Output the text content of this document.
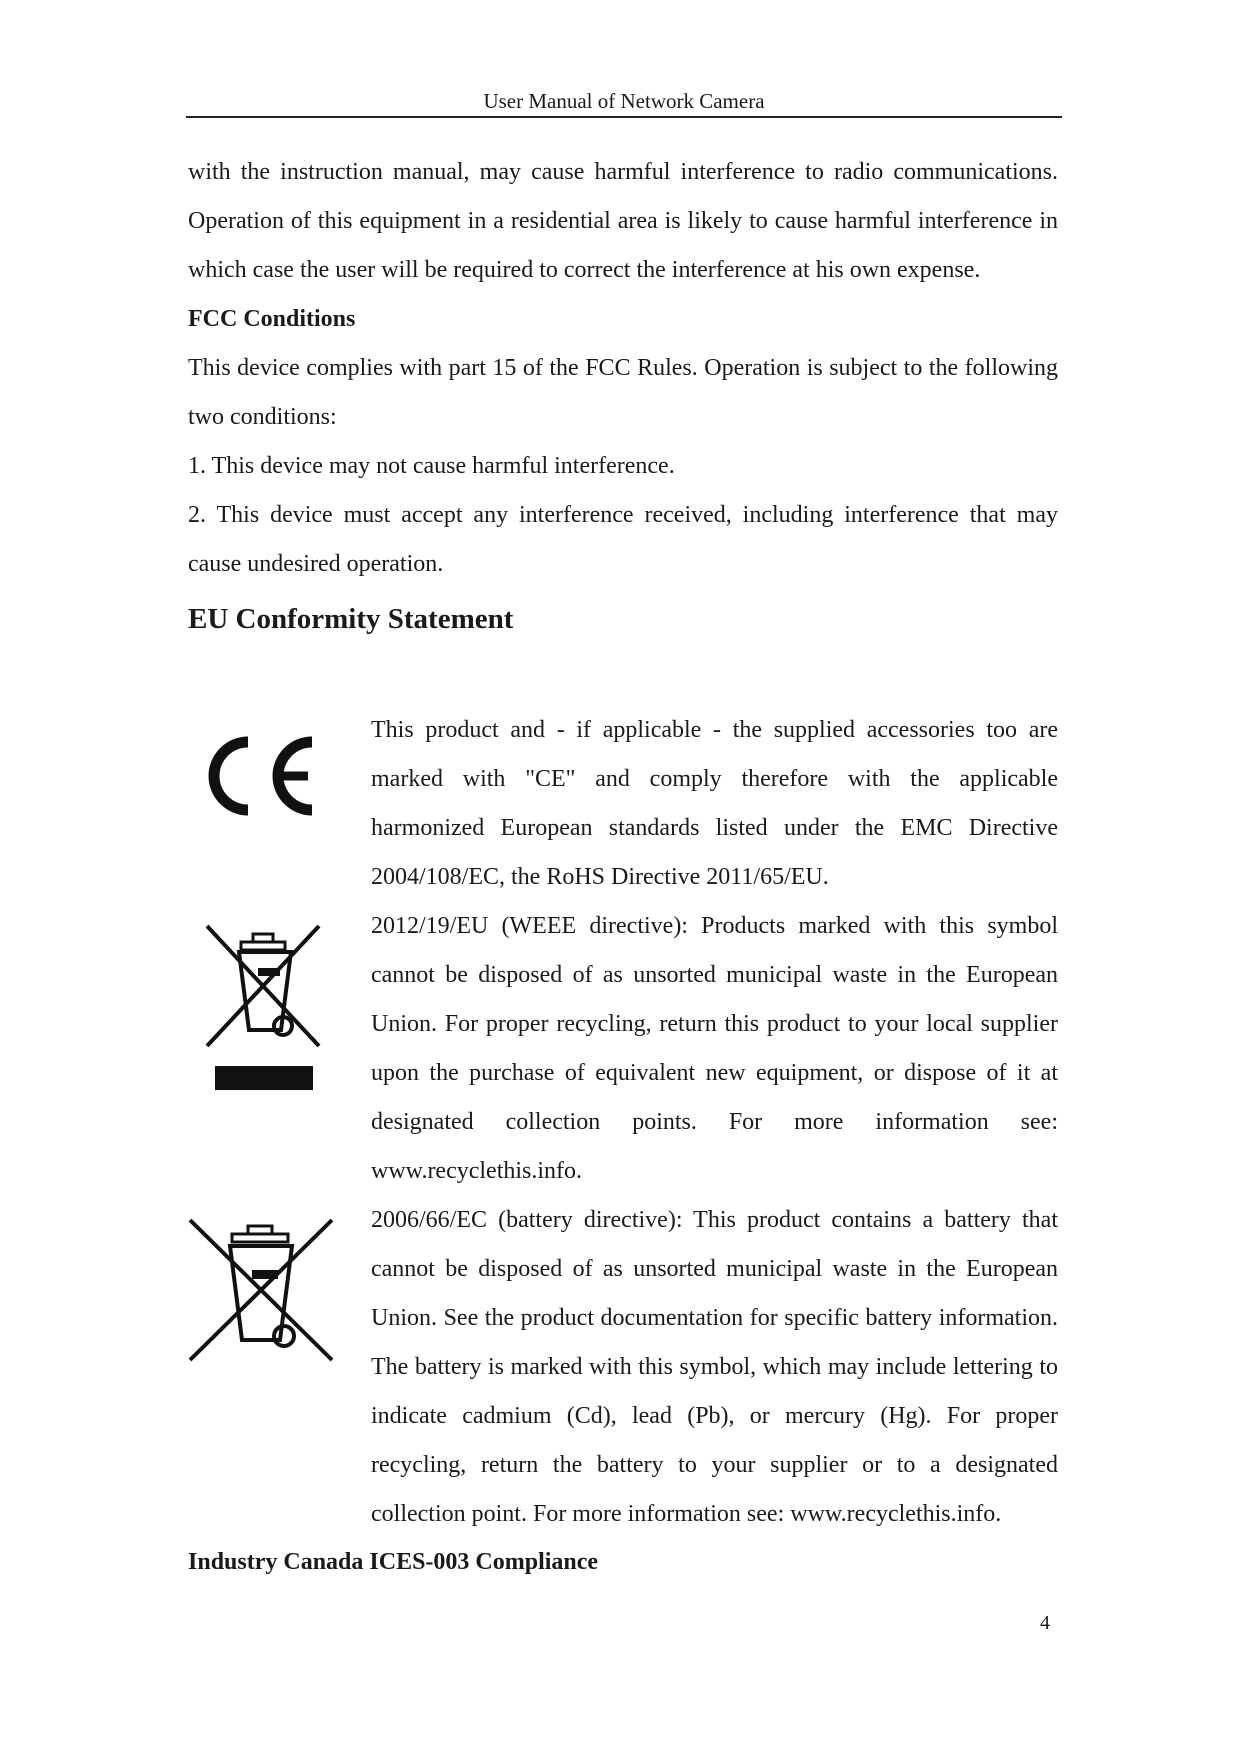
User Manual of Network Camera

with the instruction manual, may cause harmful interference to radio communications. Operation of this equipment in a residential area is likely to cause harmful interference in which case the user will be required to correct the interference at his own expense.

FCC Conditions

This device complies with part 15 of the FCC Rules. Operation is subject to the following two conditions:

1. This device may not cause harmful interference.

2. This device must accept any interference received, including interference that may cause undesired operation.

EU Conformity Statement

This product and - if applicable - the supplied accessories too are marked with "CE" and comply therefore with the applicable harmonized European standards listed under the EMC Directive 2004/108/EC, the RoHS Directive 2011/65/EU.

2012/19/EU (WEEE directive): Products marked with this symbol cannot be disposed of as unsorted municipal waste in the European Union. For proper recycling, return this product to your local supplier upon the purchase of equivalent new equipment, or dispose of it at designated collection points. For more information see: www.recyclethis.info.

2006/66/EC (battery directive): This product contains a battery that cannot be disposed of as unsorted municipal waste in the European Union. See the product documentation for specific battery information. The battery is marked with this symbol, which may include lettering to indicate cadmium (Cd), lead (Pb), or mercury (Hg). For proper recycling, return the battery to your supplier or to a designated collection point. For more information see: www.recyclethis.info.

Industry Canada ICES-003 Compliance

4
